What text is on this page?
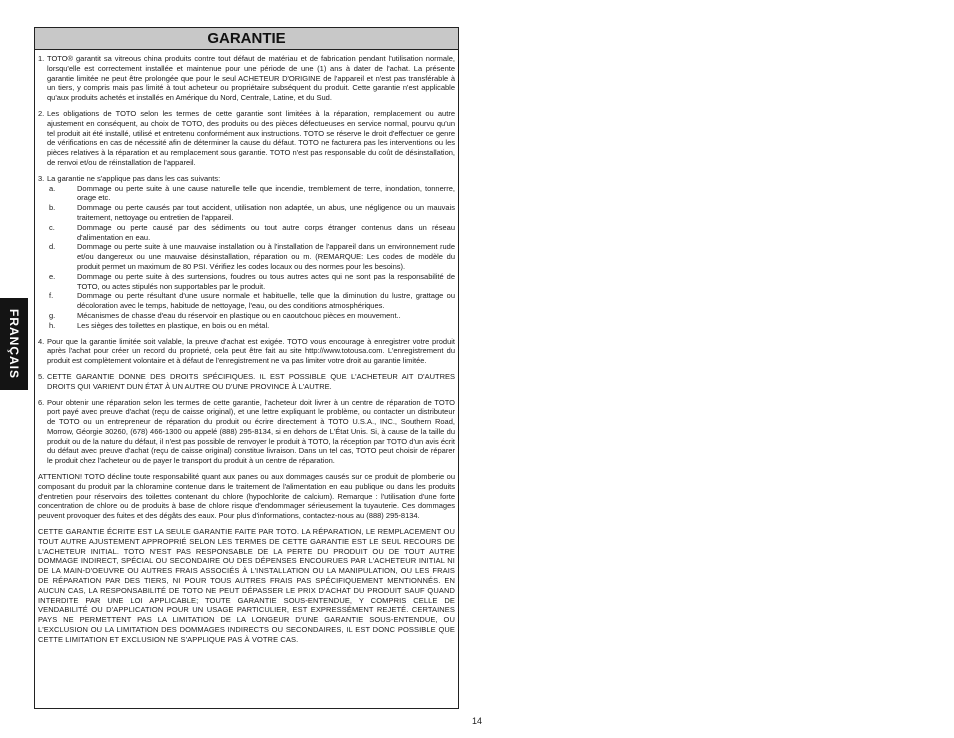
FRANÇAIS
GARANTIE
1. TOTO® garantit sa vitreous china produits contre tout défaut de matériau et de fabrication pendant l'utilisation normale, lorsqu'elle est correctement installée et maintenue pour une période de une (1) ans à dater de l'achat. La présente garantie limitée ne peut être prolongée que pour le seul ACHETEUR D'ORIGINE de l'appareil et n'est pas transférable à un tiers, y compris mais pas limité à tout acheteur ou propriétaire subséquent du produit. Cette garantie n'est applicable qu'aux produits achetés et installés en Amérique du Nord, Centrale, Latine, et du Sud.
2. Les obligations de TOTO selon les termes de cette garantie sont limitées à la réparation, remplacement ou autre ajustement en conséquent, au choix de TOTO, des produits ou des pièces défectueuses en service normal, pourvu qu'un tel produit ait été installé, utilisé et entretenu conformément aux instructions. TOTO se réserve le droit d'effectuer ce genre de vérifications en cas de nécessité afin de déterminer la cause du défaut. TOTO ne facturera pas les interventions ou les pièces relatives à la réparation et au remplacement sous garantie. TOTO n'est pas responsable du coût de désinstallation, de renvoi et/ou de réinstallation de l'appareil.
3. La garantie ne s'applique pas dans les cas suivants:
a.	Dommage ou perte suite à une cause naturelle telle que incendie, tremblement de terre, inondation, tonnerre, orage etc.
b.	Dommage ou perte causés par tout accident, utilisation non adaptée, un abus, une négligence ou un mauvais traitement, nettoyage ou entretien de l'appareil.
c.	Dommage ou perte causé par des sédiments ou tout autre corps étranger contenus dans un réseau d'alimentation en eau.
d.	Dommage ou perte suite à une mauvaise installation ou à l'installation de l'appareil dans un environnement rude et/ou dangereux ou une mauvaise désinstallation, réparation ou m. (REMARQUE: Les codes de modèle du produit permet un maximum de 80 PSI. Vérifiez les codes locaux ou des normes pour les besoins).
e.	Dommage ou perte suite à des surtensions, foudres ou tous autres actes qui ne sont pas la responsabilité de TOTO, ou actes stipulés non supportables par le produit.
f.	Dommage ou perte résultant d'une usure normale et habituelle, telle que la diminution du lustre, grattage ou décoloration avec le temps, habitude de nettoyage, l'eau, ou des conditions atmosphériques.
g.	Mécanismes de chasse d'eau du réservoir en plastique ou en caoutchouc pièces en mouvement..
h.	Les sièges des toilettes en plastique, en bois ou en métal.
4. Pour que la garantie limitée soit valable, la preuve d'achat est exigée. TOTO vous encourage à enregistrer votre produit après l'achat pour créer un record du proprieté, cela peut être fait au site http://www.totousa.com. L'enregistrement du produit est complètement volontaire et à défaut de l'enregistrement ne va pas limiter votre droit au garantie limitée.
5. CETTE GARANTIE DONNE DES DROITS SPÉCIFIQUES. IL EST POSSIBLE QUE L'ACHETEUR AIT D'AUTRES DROITS QUI VARIENT DUN ÉTAT À UN AUTRE OU D'UNE PROVINCE À L'AUTRE.
6. Pour obtenir une réparation selon les termes de cette garantie, l'acheteur doit livrer à un centre de réparation de TOTO port payé avec preuve d'achat (reçu de caisse original), et une lettre expliquant le problème, ou contacter un distributeur de TOTO ou un entrepreneur de réparation du produit ou écrire directement à TOTO U.S.A., INC., Southern Road, Morrow, Géorgie 30260, (678) 466-1300 ou appelé (888) 295-8134, si en dehors de L'État Unis. Si, à cause de la taille du produit ou de la nature du défaut, il n'est pas possible de renvoyer le produit à TOTO, la réception par TOTO d'un avis écrit du défaut avec preuve d'achat (reçu de caisse original) constitue livraison. Dans un tel cas, TOTO peut choisir de réparer le produit chez l'acheteur ou de payer le transport du produit à un centre de réparation.

ATTENTION! TOTO décline toute responsabilité quant aux panes ou aux dommages causés sur ce produit de plomberie ou composant du produit par la chloramine contenue dans le traitement de l'alimentation en eau publique ou dans les produits d'entretien pour réservoirs des toilettes contenant du chlore (hypochlorite de calcium). Remarque : l'utilisation d'une forte concentration de chlore ou de produits à base de chlore risque d'endommager sérieusement la tuyauterie. Ces dommages peuvent provoquer des fuites et des dégâts des eaux. Pour plus d'informations, contactez-nous au (888) 295-8134.

CETTE GARANTIE ÉCRITE EST LA SEULE GARANTIE FAITE PAR TOTO. LA RÉPARATION, LE REMPLACEMENT OU TOUT AUTRE AJUSTEMENT APPROPRIÉ SELON LES TERMES DE CETTE GARANTIE EST LE SEUL RECOURS DE L'ACHETEUR INITIAL. TOTO N'EST PAS RESPONSABLE DE LA PERTE DU PRODUIT OU DE TOUT AUTRE DOMMAGE INDIRECT, SPÉCIAL OU SECONDAIRE OU DES DÉPENSES ENCOURUES PAR L'ACHETEUR INITIAL NI DE LA MAIN-D'OEUVRE OU AUTRES FRAIS ASSOCIÉS À L'INSTALLATION OU LA MANIPULATION, OU LES FRAIS DE RÉPARATION PAR DES TIERS, NI POUR TOUS AUTRES FRAIS PAS SPÉCIFIQUEMENT MENTIONNÉS. EN AUCUN CAS, LA RESPONSABILITÉ DE TOTO NE PEUT DÉPASSER LE PRIX D'ACHAT DU PRODUIT SAUF QUAND INTERDITE PAR UNE LOI APPLICABLE; TOUTE GARANTIE SOUS-ENTENDUE, Y COMPRIS CELLE DE VENDABILITÉ OU D'APPLICATION POUR UN USAGE PARTICULIER, EST EXPRESSÉMENT REJETÉ. CERTAINES PAYS NE PERMETTENT PAS LA LIMITATION DE LA LONGEUR D'UNE GARANTIE SOUS-ENTENDUE, OU L'EXCLUSION OU LA LIMITATION DES DOMMAGES INDIRECTS OU SECONDAIRES, IL EST DONC POSSIBLE QUE CETTE LIMITATION ET EXCLUSION NE S'APPLIQUE PAS À VOTRE CAS.

14
